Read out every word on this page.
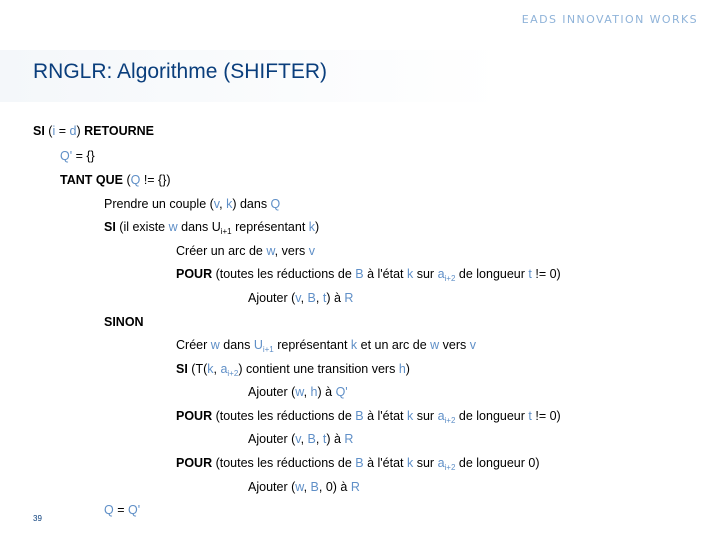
EADS INNOVATION WORKS
RNGLR: Algorithme (SHIFTER)
SI (i = d) RETOURNE
Q' = {}
TANT QUE (Q != {})
Prendre un couple (v, k) dans Q
SI (il existe w dans $U_{i+1}$ représentant k)
Créer un arc de w, vers v
POUR (toutes les réductions de B à l'état k sur $a_{i+2}$ de longueur t != 0)
Ajouter (v, B, t) à R
SINON
Créer w dans $U_{i+1}$ représentant k et un arc de w vers v
SI (T(k, $a_{i+2}$) contient une transition vers h)
Ajouter (w, h) à Q'
POUR (toutes les réductions de B à l'état k sur $a_{i+2}$ de longueur t != 0)
Ajouter (v, B, t) à R
POUR (toutes les réductions de B à l'état k sur $a_{i+2}$ de longueur 0)
Ajouter (w, B, 0) à R
Q = Q'
39
